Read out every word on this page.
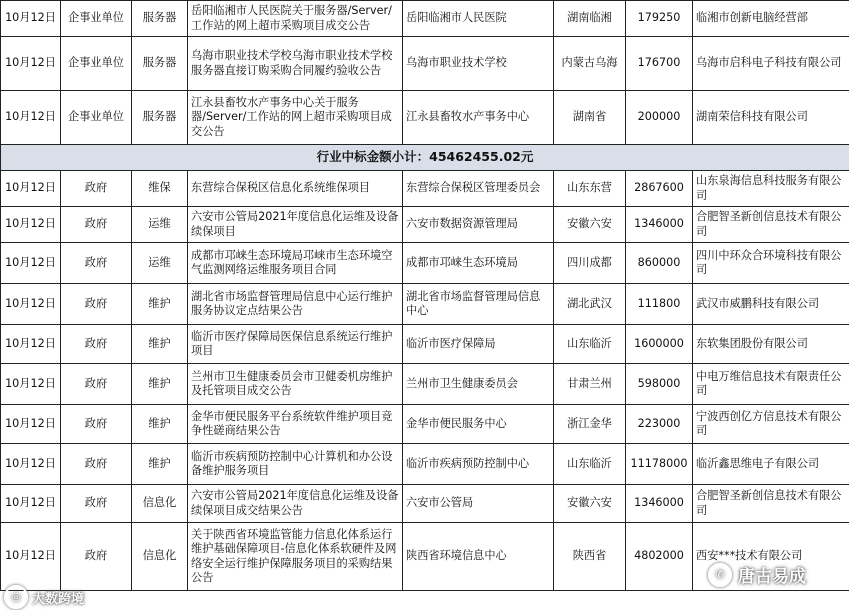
10月12日	企事业单位	服务器	岳阳临湘市人民医院关于服务器/Server/工作站的网上超市采购项目成交公告	岳阳临湘市人民医院	湖南临湘	179250	临湘市创新电脑经营部
10月12日	企事业单位	服务器	乌海市职业技术学校乌海市职业技术学校服务器直接订购采购合同履约验收公告	乌海市职业技术学校	内蒙古乌海	176700	乌海市启科电子科技有限公司
10月12日	企事业单位	服务器	江永县畜牧水产事务中心关于服务器/Server/工作站的网上超市采购项目成交公告	江永县畜牧水产事务中心	湖南省	200000	湖南荣信科技有限公司
行业中标金额小计：45462455.02元							
10月12日	政府	维保	东营综合保税区信息化系统维保项目	东营综合保税区管理委员会	山东东营	2867600	山东泉海信息科技服务有限公司
10月12日	政府	运维	六安市公管局2021年度信息化运维及设备续保项目	六安市数据资源管理局	安徽六安	1346000	合肥智圣新创信息技术有限公司
10月12日	政府	运维	成都市邛崃生态环境局邛崃市生态环境空气监测网络运维服务项目合同	成都市邛崃生态环境局	四川成都	860000	四川中环众合环境科技有限公司
10月12日	政府	维护	湖北省市场监督管理局信息中心运行维护服务协议定点结果公告	湖北省市场监督管理局信息中心	湖北武汉	111800	武汉市威鹏科技有限公司
10月12日	政府	维护	临沂市医疗保障局医保信息系统运行维护项目	临沂市医疗保障局	山东临沂	1600000	东软集团股份有限公司
10月12日	政府	维护	兰州市卫生健康委员会市卫健委机房维护及托管项目成交公告	兰州市卫生健康委员会	甘肃兰州	598000	中电万维信息技术有限责任公司
10月12日	政府	维护	金华市便民服务平台系统软件维护项目竞争性磋商结果公告	金华市便民服务中心	浙江金华	223000	宁波西创亿方信息技术有限公司
10月12日	政府	维护	临沂市疾病预防控制中心计算机和办公设备维护服务项目	临沂市疾病预防控制中心	山东临沂	11178000	临沂鑫思维电子有限公司
10月12日	政府	信息化	六安市公管局2021年度信息化运维及设备续保项目成交结果公告	六安市公管局	安徽六安	1346000	合肥智圣新创信息技术有限公司
10月12日	政府	信息化	关于陕西省环境监管能力信息化体系运行维护基础保障项目-信息化体系软硬件及网络安全运行维护保障服务项目的采购结果公告	陕西省环境信息中心	陕西省	4802000	西安***技术有限公司
◎ 大数跨境
✆ 唐古易成
